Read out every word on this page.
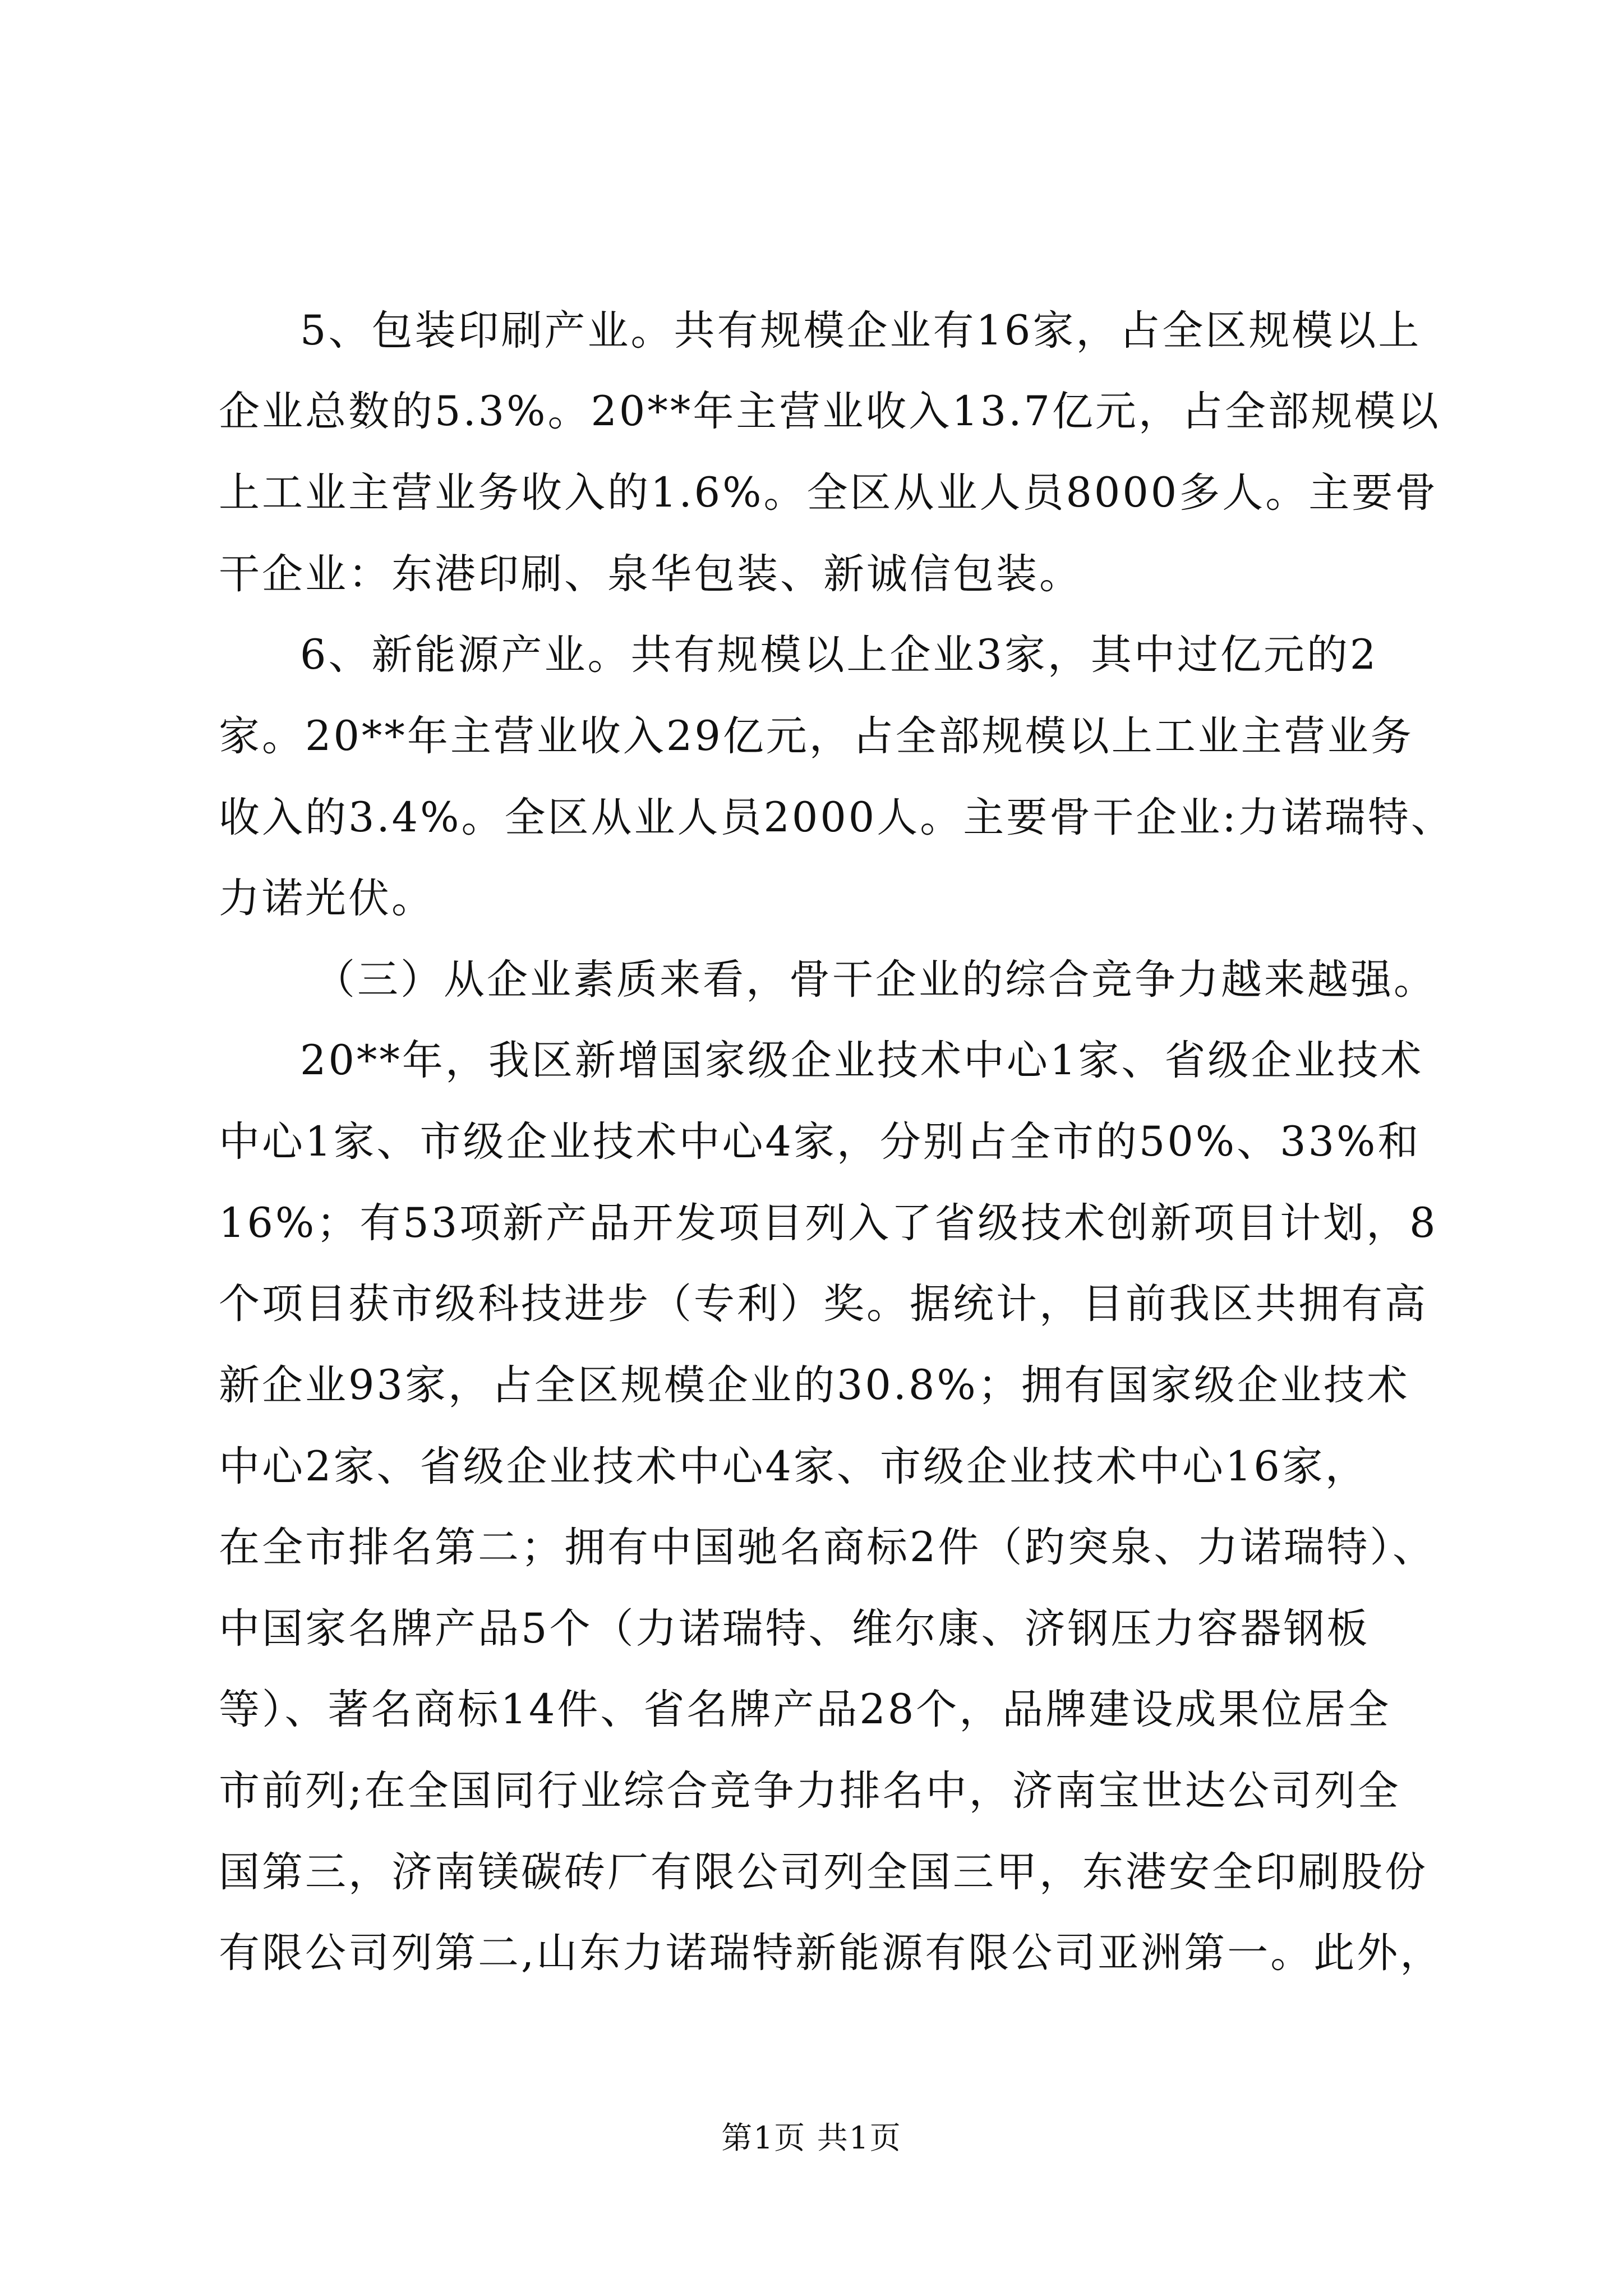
5、包装印刷产业。共有规模企业有16家，占全区规模以上
企业总数的5.3%。20**年主营业收入13.7亿元，占全部规模以
上工业主营业务收入的1.6%。全区从业人员8000多人。主要骨
干企业：东港印刷、泉华包装、新诚信包装。
6、新能源产业。共有规模以上企业3家，其中过亿元的2
家。20**年主营业收入29亿元，占全部规模以上工业主营业务
收入的3.4%。全区从业人员2000人。主要骨干企业:力诺瑞特、
力诺光伏。
（三）从企业素质来看，骨干企业的综合竞争力越来越强。
20**年，我区新增国家级企业技术中心1家、省级企业技术
中心1家、市级企业技术中心4家，分别占全市的50%、33%和
16%；有53项新产品开发项目列入了省级技术创新项目计划，8
个项目获市级科技进步（专利）奖。据统计，目前我区共拥有高
新企业93家，占全区规模企业的30.8%；拥有国家级企业技术
中心2家、省级企业技术中心4家、市级企业技术中心16家，
在全市排名第二；拥有中国驰名商标2件（趵突泉、力诺瑞特）、
中国家名牌产品5个（力诺瑞特、维尔康、济钢压力容器钢板
等）、著名商标14件、省名牌产品28个，品牌建设成果位居全
市前列;在全国同行业综合竞争力排名中，济南宝世达公司列全
国第三，济南镁碳砖厂有限公司列全国三甲，东港安全印刷股份
有限公司列第二,山东力诺瑞特新能源有限公司亚洲第一。此外，
第1页 共1页
